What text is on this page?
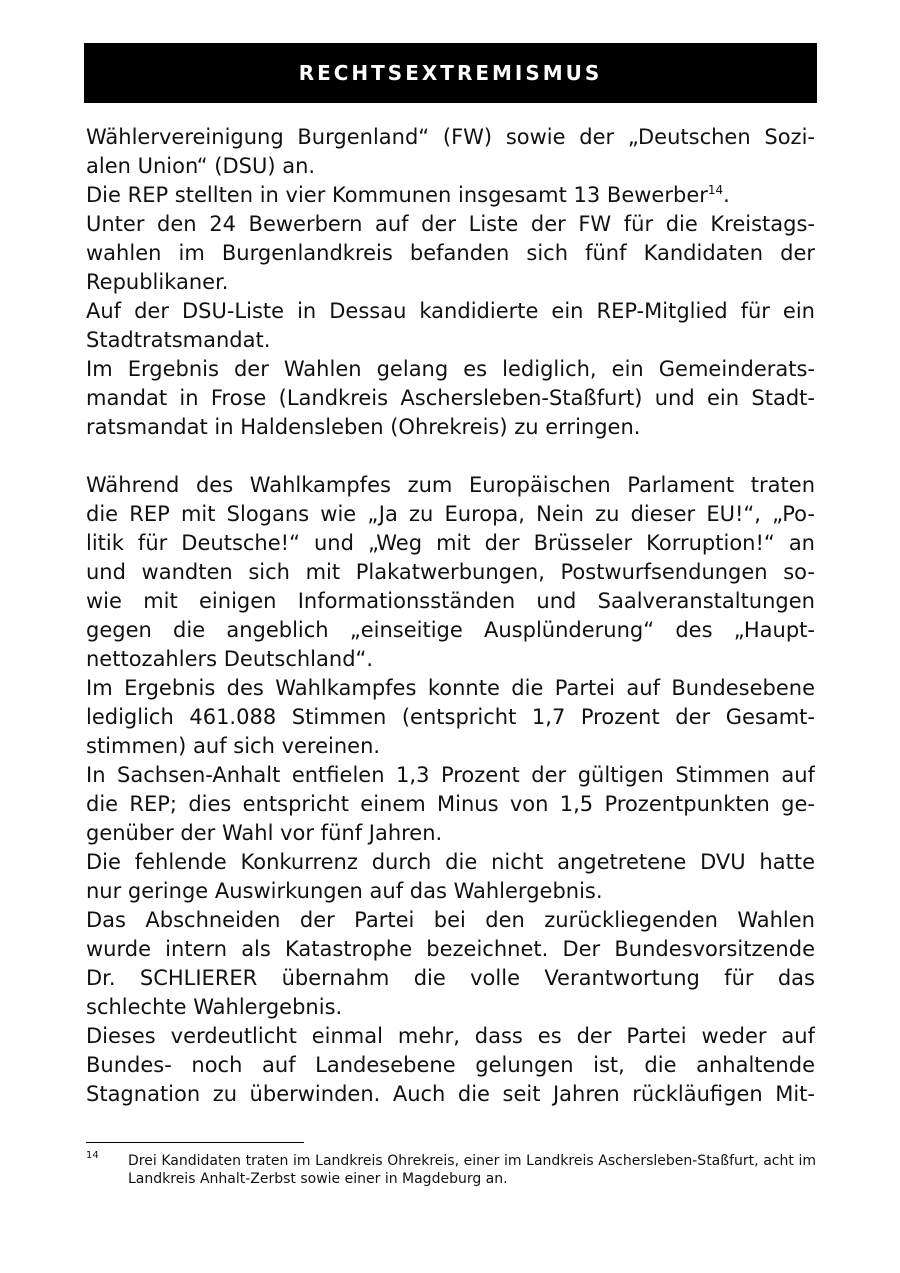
RECHTSEXTREMISMUS
Wählervereinigung Burgenland“ (FW) sowie der „Deutschen Sozi-
alen Union“ (DSU) an.
Die REP stellten in vier Kommunen insgesamt 13 Bewerber$^{14}$.
Unter den 24 Bewerbern auf der Liste der FW für die Kreistags-
wahlen im Burgenlandkreis befanden sich fünf Kandidaten der
Republikaner.
Auf der DSU-Liste in Dessau kandidierte ein REP-Mitglied für ein
Stadtratsmandat.
Im Ergebnis der Wahlen gelang es lediglich, ein Gemeinderats-
mandat in Frose (Landkreis Aschersleben-Staßfurt) und ein Stadt-
ratsmandat in Haldensleben (Ohrekreis) zu erringen.
Während des Wahlkampfes zum Europäischen Parlament traten
die REP mit Slogans wie „Ja zu Europa, Nein zu dieser EU!“, „Po-
litik für Deutsche!“ und „Weg mit der Brüsseler Korruption!“ an
und wandten sich mit Plakatwerbungen, Postwurfsendungen so-
wie mit einigen Informationsständen und Saalveranstaltungen
gegen die angeblich „einseitige Ausplünderung“ des „Haupt-
nettozahlers Deutschland“.
Im Ergebnis des Wahlkampfes konnte die Partei auf Bundesebene
lediglich 461.088 Stimmen (entspricht 1,7 Prozent der Gesamt-
stimmen) auf sich vereinen.
In Sachsen-Anhalt entfielen 1,3 Prozent der gültigen Stimmen auf
die REP; dies entspricht einem Minus von 1,5 Prozentpunkten ge-
genüber der Wahl vor fünf Jahren.
Die fehlende Konkurrenz durch die nicht angetretene DVU hatte
nur geringe Auswirkungen auf das Wahlergebnis.
Das Abschneiden der Partei bei den zurückliegenden Wahlen
wurde intern als Katastrophe bezeichnet. Der Bundesvorsitzende
Dr. SCHLIERER übernahm die volle Verantwortung für das
schlechte Wahlergebnis.
Dieses verdeutlicht einmal mehr, dass es der Partei weder auf
Bundes- noch auf Landesebene gelungen ist, die anhaltende
Stagnation zu überwinden. Auch die seit Jahren rückläufigen Mit-
14 Drei Kandidaten traten im Landkreis Ohrekreis, einer im Landkreis Aschersleben-Staßfurt, acht im
Landkreis Anhalt-Zerbst sowie einer in Magdeburg an.
